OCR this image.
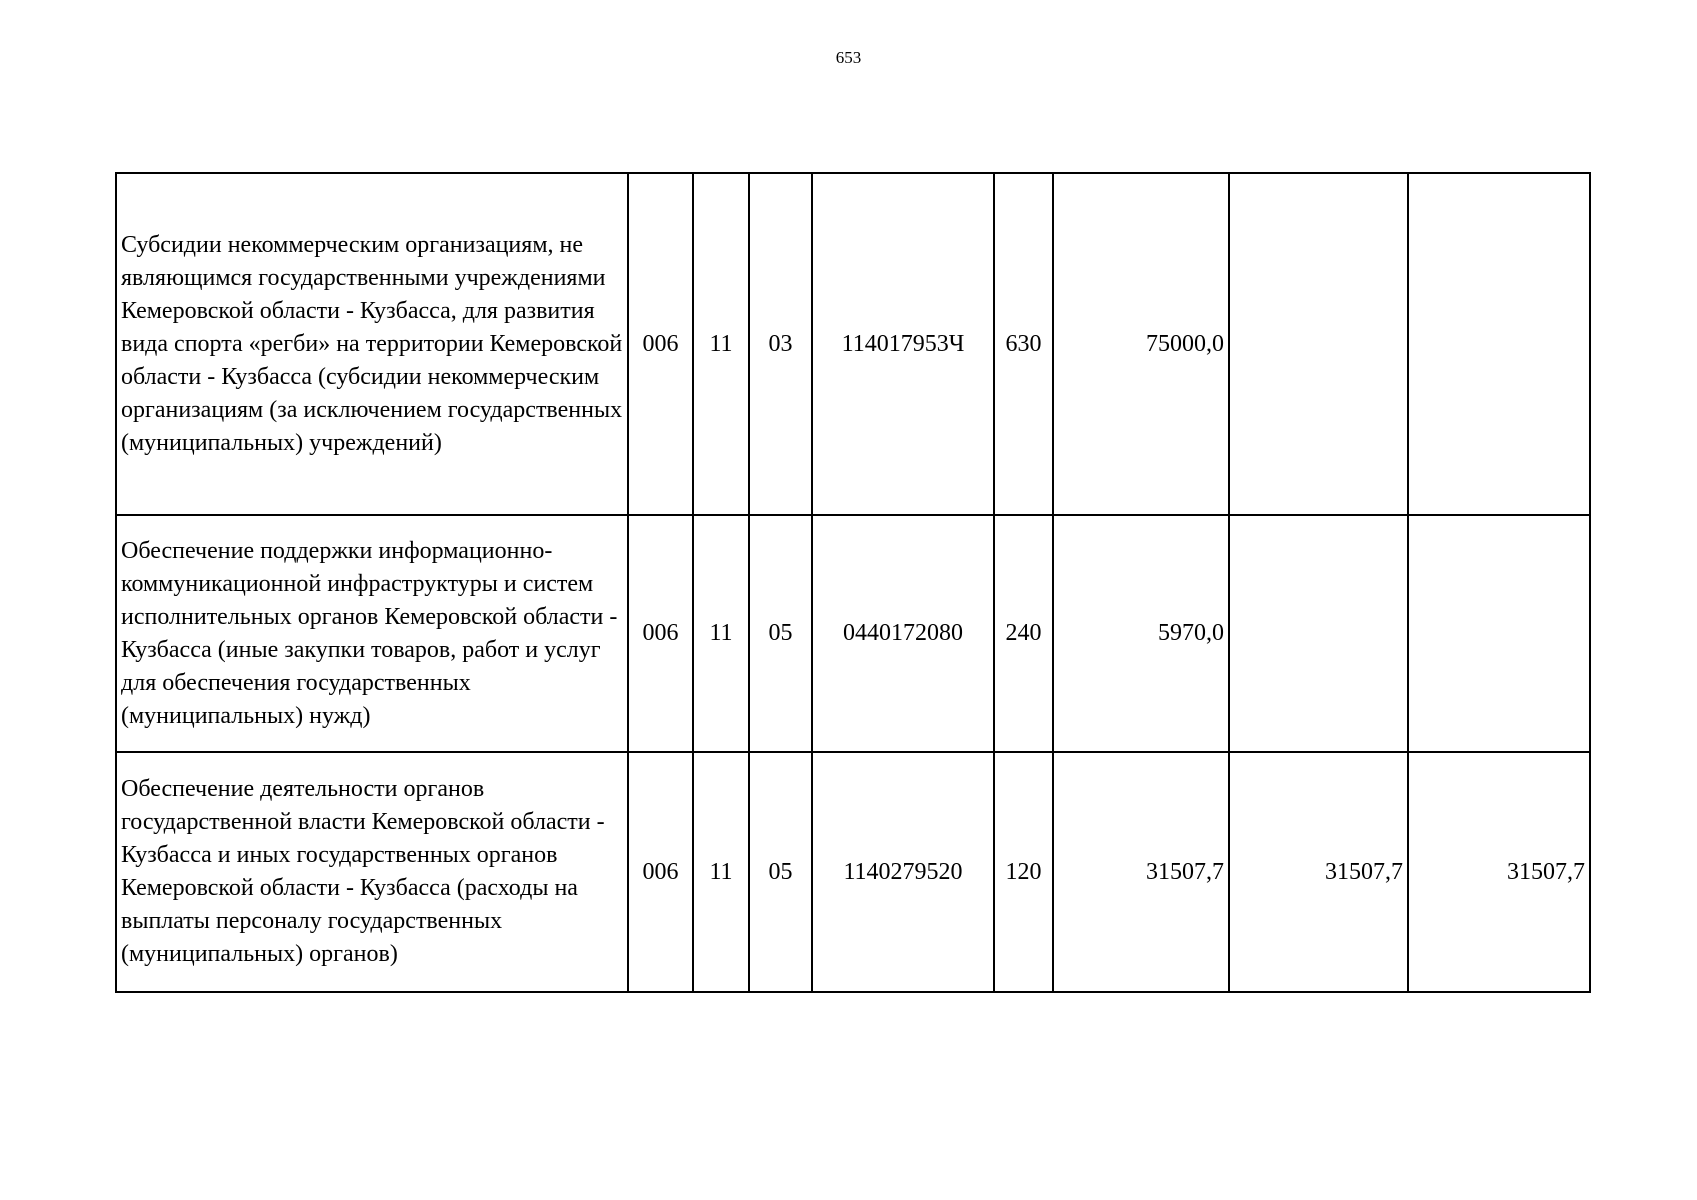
653
Субсидии некоммерческим организациям, не являющимся государственными учреждениями Кемеровской области - Кузбасса, для развития вида спорта «регби» на территории Кемеровской области - Кузбасса (субсидии некоммерческим организациям (за исключением государственных (муниципальных) учреждений)	006	11	03	114017953Ч	630	75000,0		
Обеспечение поддержки информационно-коммуникационной инфраструктуры и систем исполнительных органов Кемеровской области - Кузбасса (иные закупки товаров, работ и услуг для обеспечения государственных (муниципальных) нужд)	006	11	05	0440172080	240	5970,0		
Обеспечение деятельности органов государственной власти Кемеровской области - Кузбасса и иных государственных органов Кемеровской области - Кузбасса (расходы на выплаты персоналу государственных (муниципальных) органов)	006	11	05	1140279520	120	31507,7	31507,7	31507,7
